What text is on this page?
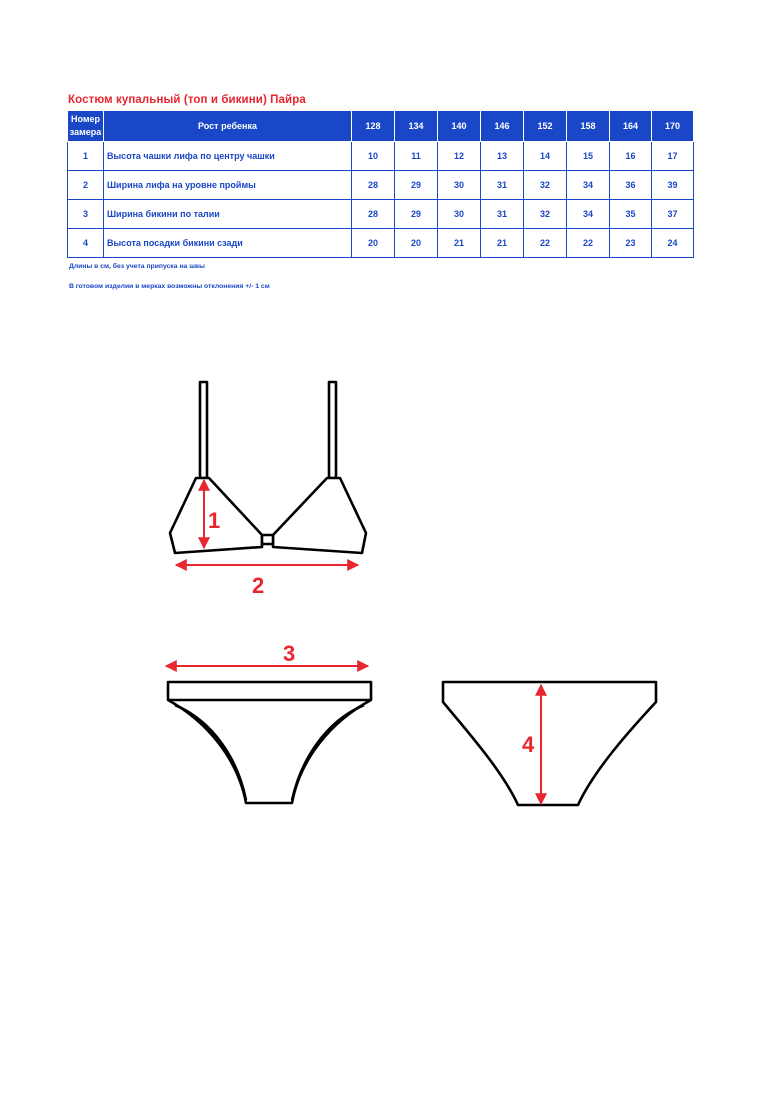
Костюм купальный (топ и бикини) Пайра
Номер
замера	Рост ребенка	128	134	140	146	152	158	164	170
1	Высота чашки лифа по центру чашки	10	11	12	13	14	15	16	17
2	Ширина лифа на уровне проймы	28	29	30	31	32	34	36	39
3	Ширина бикини по талии	28	29	30	31	32	34	35	37
4	Высота посадки бикини сзади	20	20	21	21	22	22	23	24
Длины в см, без учета припуска на швы
В готовом изделии в мерках возможны отклонения +/- 1 см
1
2
3
4
